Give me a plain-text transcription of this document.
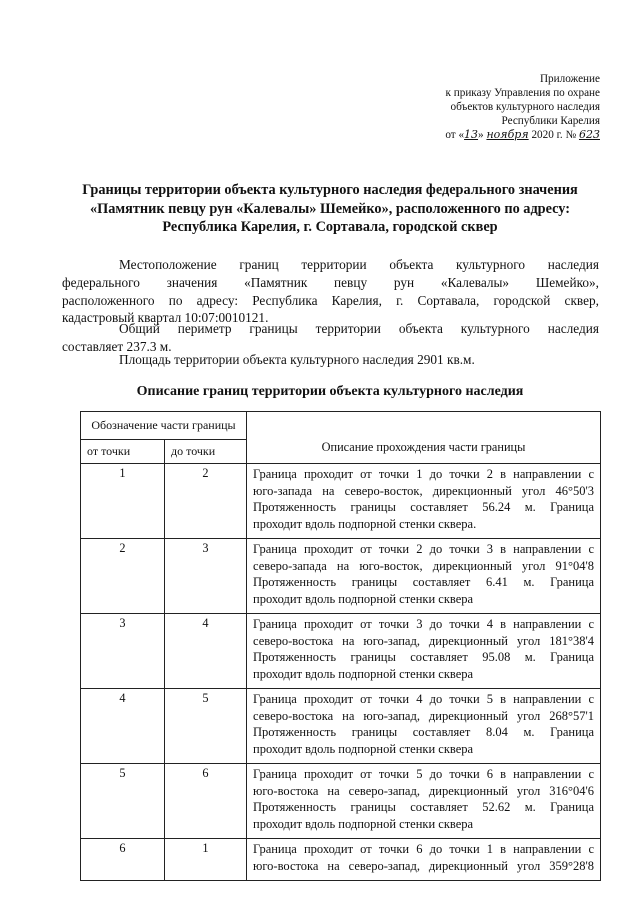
Приложение
к приказу Управления по охране
объектов культурного наследия
Республики Карелия
от «13» ноября 2020 г. № 623
Границы территории объекта культурного наследия федерального значения
«Памятник певцу рун «Калевалы» Шемейко», расположенного по адресу:
Республика Карелия, г. Сортавала, городской сквер
Местоположение границ территории объекта культурного наследия
федерального значения «Памятник певцу рун «Калевалы» Шемейко»,
расположенного по адресу: Республика Карелия, г. Сортавала, городской сквер,
кадастровый квартал 10:07:0010121.
Общий периметр границы территории объекта культурного наследия
составляет 237.3 м.
Площадь территории объекта культурного наследия 2901 кв.м.
Описание границ территории объекта культурного наследия
Обозначение части границы		Описание прохождения части границы
от точки	до точки	
1	2	Граница проходит от точки 1 до точки 2 в направлении с
юго-запада на северо-восток, дирекционный угол 46°50'3
Протяженность границы составляет 56.24 м. Граница
проходит вдоль подпорной стенки сквера.

2	3	Граница проходит от точки 2 до точки 3 в направлении с
северо-запада на юго-восток, дирекционный угол 91°04'8
Протяженность границы составляет 6.41 м. Граница
проходит вдоль подпорной стенки сквера

3	4	Граница проходит от точки 3 до точки 4 в направлении с
северо-востока на юго-запад, дирекционный угол 181°38'4
Протяженность границы составляет 95.08 м. Граница
проходит вдоль подпорной стенки сквера

4	5	Граница проходит от точки 4 до точки 5 в направлении с
северо-востока на юго-запад, дирекционный угол 268°57'1
Протяженность границы составляет 8.04 м. Граница
проходит вдоль подпорной стенки сквера

5	6	Граница проходит от точки 5 до точки 6 в направлении с
юго-востока на северо-запад, дирекционный угол 316°04'6
Протяженность границы составляет 52.62 м. Граница
проходит вдоль подпорной стенки сквера

6	1	Граница проходит от точки 6 до точки 1 в направлении с
юго-востока на северо-запад, дирекционный угол 359°28'8
